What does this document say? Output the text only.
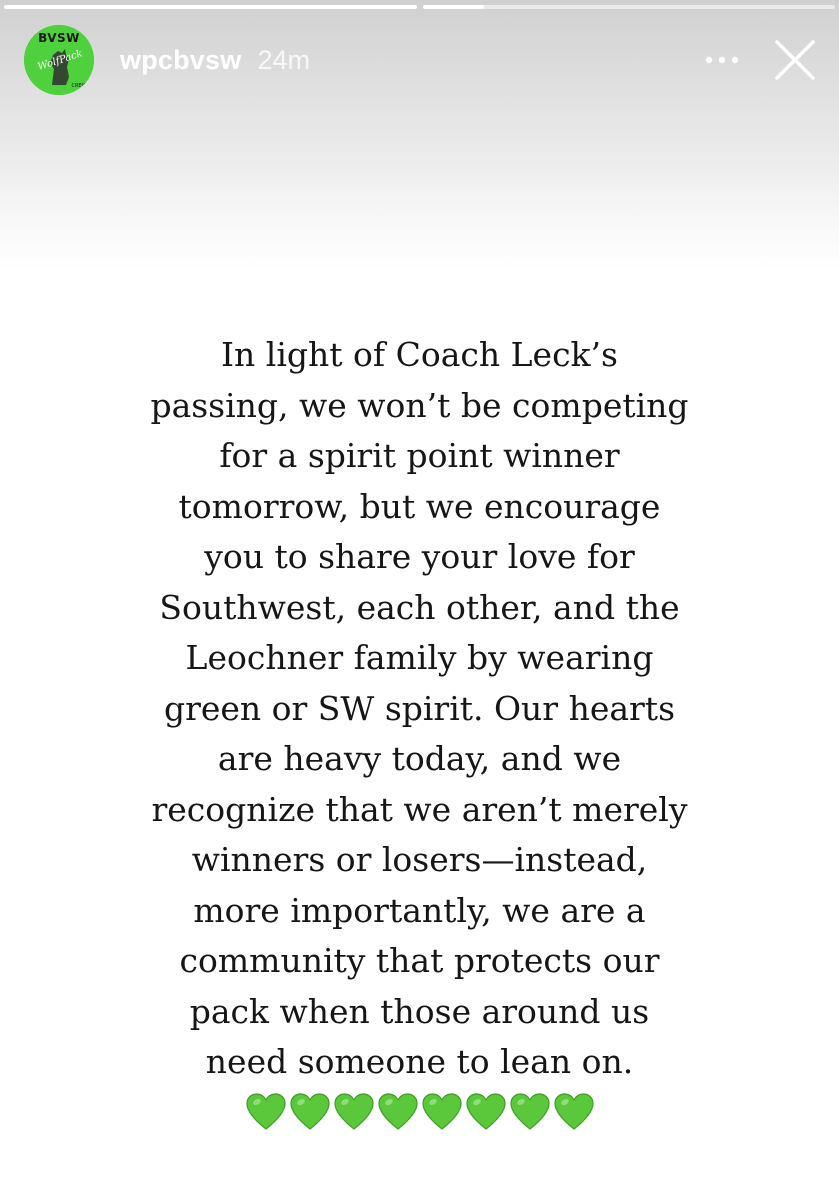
BVSW
WolfPack
CREW
wpcbvsw 24m
In light of Coach Leck’s
passing, we won’t be competing
for a spirit point winner
tomorrow, but we encourage
you to share your love for
Southwest, each other, and the
Leochner family by wearing
green or SW spirit. Our hearts
are heavy today, and we
recognize that we aren’t merely
winners or losers—instead,
more importantly, we are a
community that protects our
pack when those around us
need someone to lean on.
